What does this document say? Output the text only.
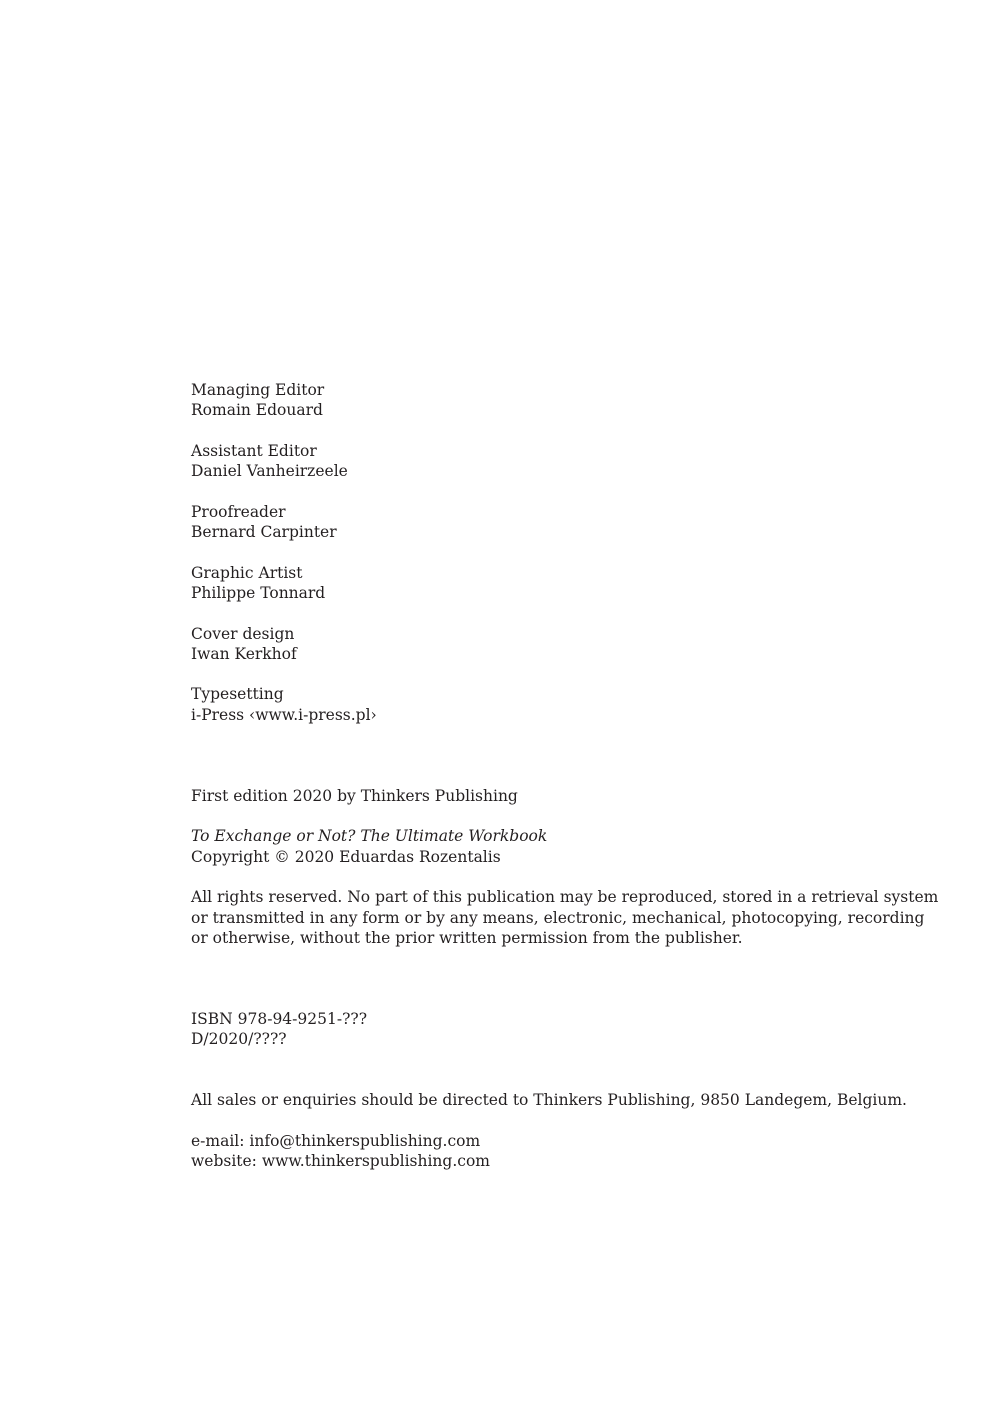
Managing Editor
Romain Edouard
Assistant Editor
Daniel Vanheirzeele
Proofreader
Bernard Carpinter
Graphic Artist
Philippe Tonnard
Cover design
Iwan Kerkhof
Typesetting
i-Press ‹www.i-press.pl›
First edition 2020 by Thinkers Publishing
To Exchange or Not? The Ultimate Workbook
Copyright © 2020 Eduardas Rozentalis
All rights reserved. No part of this publication may be reproduced, stored in a retrieval system
or transmitted in any form or by any means, electronic, mechanical, photocopying, recording
or otherwise, without the prior written permission from the publisher.
ISBN 978-94-9251-???
D/2020/????
All sales or enquiries should be directed to Thinkers Publishing, 9850 Landegem, Belgium.
e-mail: info@thinkerspublishing.com
website: www.thinkerspublishing.com
